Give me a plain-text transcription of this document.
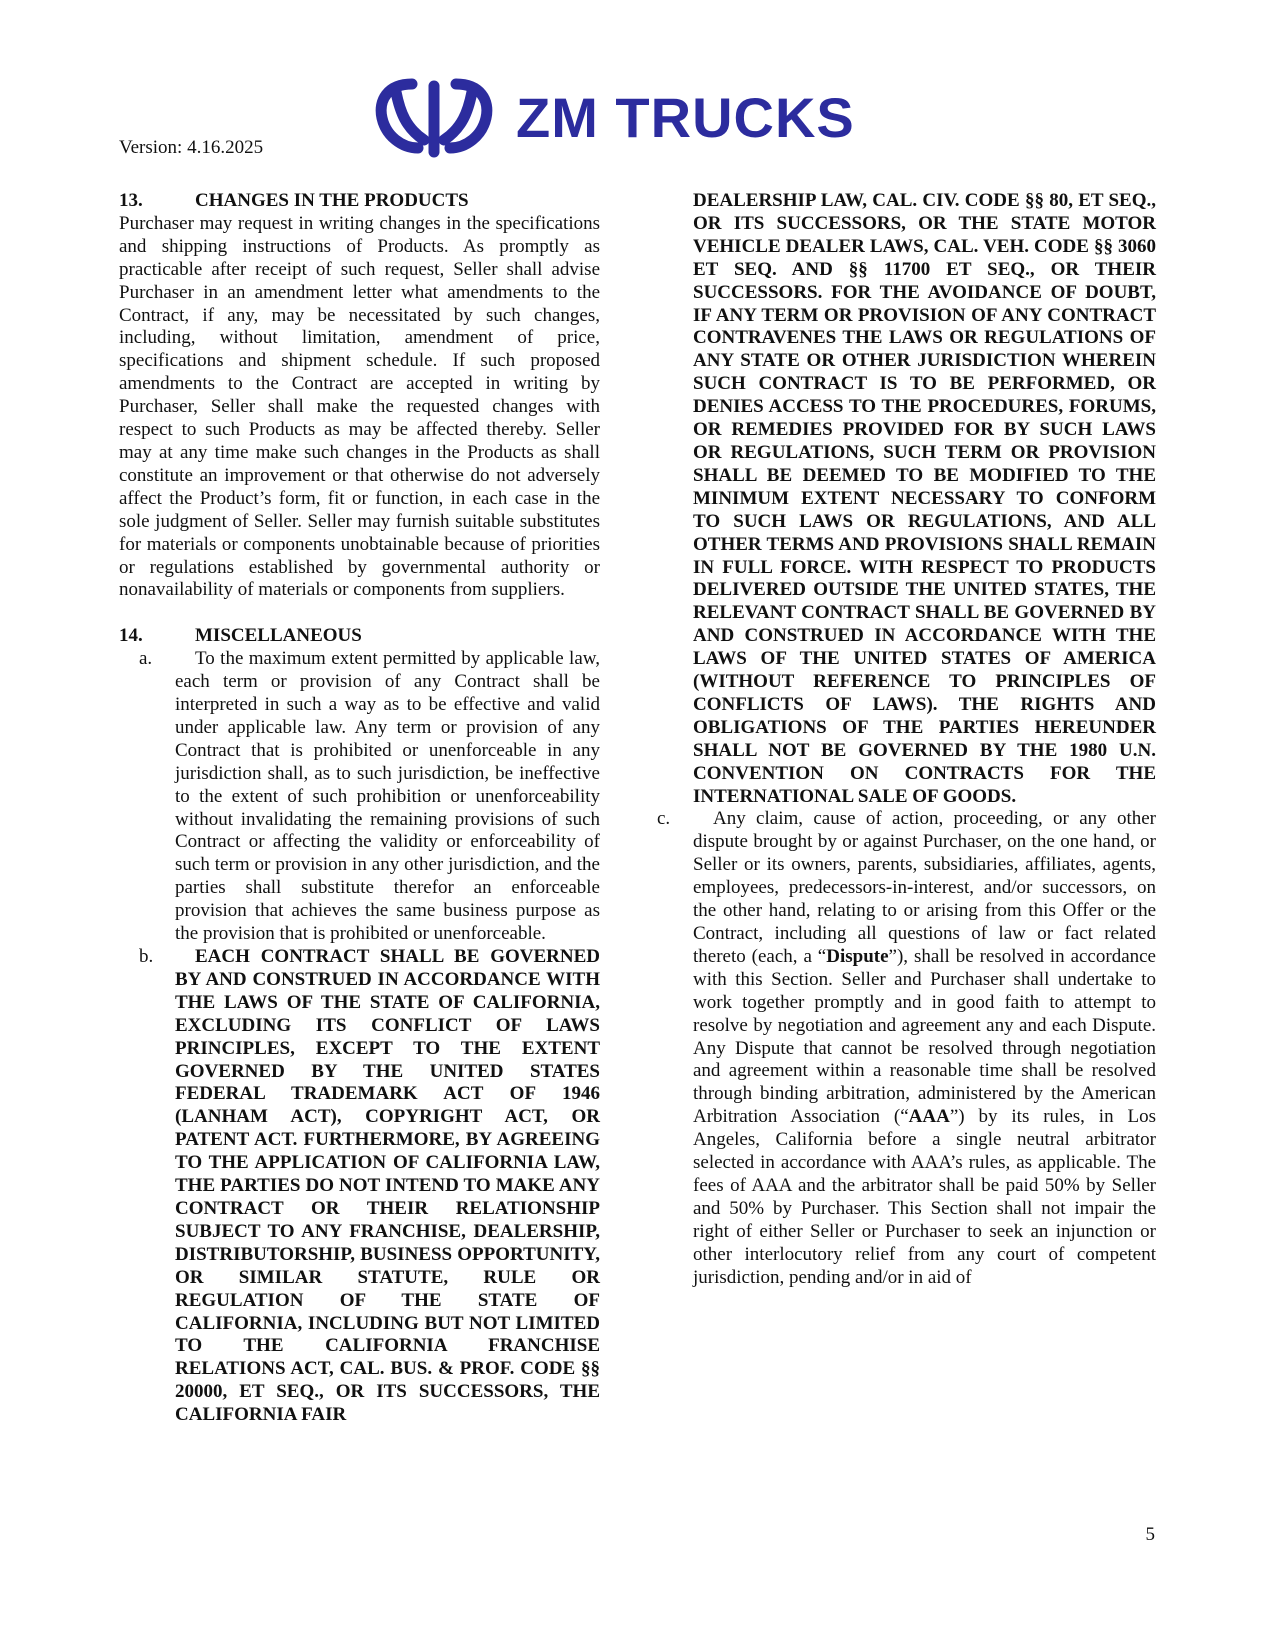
Version: 4.16.2025	ZM TRUCKS
13.	CHANGES IN THE PRODUCTS

Purchaser may request in writing changes in the specifications and shipping instructions of Products. As promptly as practicable after receipt of such request, Seller shall advise Purchaser in an amendment letter what amendments to the Contract, if any, may be necessitated by such changes, including, without limitation, amendment of price, specifications and shipment schedule. If such proposed amendments to the Contract are accepted in writing by Purchaser, Seller shall make the requested changes with respect to such Products as may be affected thereby. Seller may at any time make such changes in the Products as shall constitute an improvement or that otherwise do not adversely affect the Product’s form, fit or function, in each case in the sole judgment of Seller. Seller may furnish suitable substitutes for materials or components unobtainable because of priorities or regulations established by governmental authority or nonavailability of materials or components from suppliers.

14.	MISCELLANEOUS
a.	To the maximum extent permitted by applicable law, each term or provision of any Contract shall be interpreted in such a way as to be effective and valid under applicable law. Any term or provision of any Contract that is prohibited or unenforceable in any jurisdiction shall, as to such jurisdiction, be ineffective to the extent of such prohibition or unenforceability without invalidating the remaining provisions of such Contract or affecting the validity or enforceability of such term or provision in any other jurisdiction, and the parties shall substitute therefor an enforceable provision that achieves the same business purpose as the provision that is prohibited or unenforceable.

b.	EACH CONTRACT SHALL BE GOVERNED BY AND CONSTRUED IN ACCORDANCE WITH THE LAWS OF THE STATE OF CALIFORNIA, EXCLUDING ITS CONFLICT OF LAWS PRINCIPLES, EXCEPT TO THE EXTENT GOVERNED BY THE UNITED STATES FEDERAL TRADEMARK ACT OF 1946 (LANHAM ACT), COPYRIGHT ACT, OR PATENT ACT. FURTHERMORE, BY AGREEING TO THE APPLICATION OF CALIFORNIA LAW, THE PARTIES DO NOT INTEND TO MAKE ANY CONTRACT OR THEIR RELATIONSHIP SUBJECT TO ANY FRANCHISE, DEALERSHIP, DISTRIBUTORSHIP, BUSINESS OPPORTUNITY, OR SIMILAR STATUTE, RULE OR REGULATION OF THE STATE OF CALIFORNIA, INCLUDING BUT NOT LIMITED TO THE CALIFORNIA FRANCHISE RELATIONS ACT, CAL. BUS. & PROF. CODE §§ 20000, ET SEQ., OR ITS SUCCESSORS, THE CALIFORNIA FAIR

DEALERSHIP LAW, CAL. CIV. CODE §§ 80, ET SEQ., OR ITS SUCCESSORS, OR THE STATE MOTOR VEHICLE DEALER LAWS, CAL. VEH. CODE §§ 3060 ET SEQ. AND §§ 11700 ET SEQ., OR THEIR SUCCESSORS. FOR THE AVOIDANCE OF DOUBT, IF ANY TERM OR PROVISION OF ANY CONTRACT CONTRAVENES THE LAWS OR REGULATIONS OF ANY STATE OR OTHER JURISDICTION WHEREIN SUCH CONTRACT IS TO BE PERFORMED, OR DENIES ACCESS TO THE PROCEDURES, FORUMS, OR REMEDIES PROVIDED FOR BY SUCH LAWS OR REGULATIONS, SUCH TERM OR PROVISION SHALL BE DEEMED TO BE MODIFIED TO THE MINIMUM EXTENT NECESSARY TO CONFORM TO SUCH LAWS OR REGULATIONS, AND ALL OTHER TERMS AND PROVISIONS SHALL REMAIN IN FULL FORCE. WITH RESPECT TO PRODUCTS DELIVERED OUTSIDE THE UNITED STATES, THE RELEVANT CONTRACT SHALL BE GOVERNED BY AND CONSTRUED IN ACCORDANCE WITH THE LAWS OF THE UNITED STATES OF AMERICA (WITHOUT REFERENCE TO PRINCIPLES OF CONFLICTS OF LAWS). THE RIGHTS AND OBLIGATIONS OF THE PARTIES HEREUNDER SHALL NOT BE GOVERNED BY THE 1980 U.N. CONVENTION ON CONTRACTS FOR THE INTERNATIONAL SALE OF GOODS.

c.	Any claim, cause of action, proceeding, or any other dispute brought by or against Purchaser, on the one hand, or Seller or its owners, parents, subsidiaries, affiliates, agents, employees, predecessors-in-interest, and/or successors, on the other hand, relating to or arising from this Offer or the Contract, including all questions of law or fact related thereto (each, a “Dispute”), shall be resolved in accordance with this Section. Seller and Purchaser shall undertake to work together promptly and in good faith to attempt to resolve by negotiation and agreement any and each Dispute. Any Dispute that cannot be resolved through negotiation and agreement within a reasonable time shall be resolved through binding arbitration, administered by the American Arbitration Association (“AAA”) by its rules, in Los Angeles, California before a single neutral arbitrator selected in accordance with AAA’s rules, as applicable. The fees of AAA and the arbitrator shall be paid 50% by Seller and 50% by Purchaser. This Section shall not impair the right of either Seller or Purchaser to seek an injunction or other interlocutory relief from any court of competent jurisdiction, pending and/or in aid of

5
